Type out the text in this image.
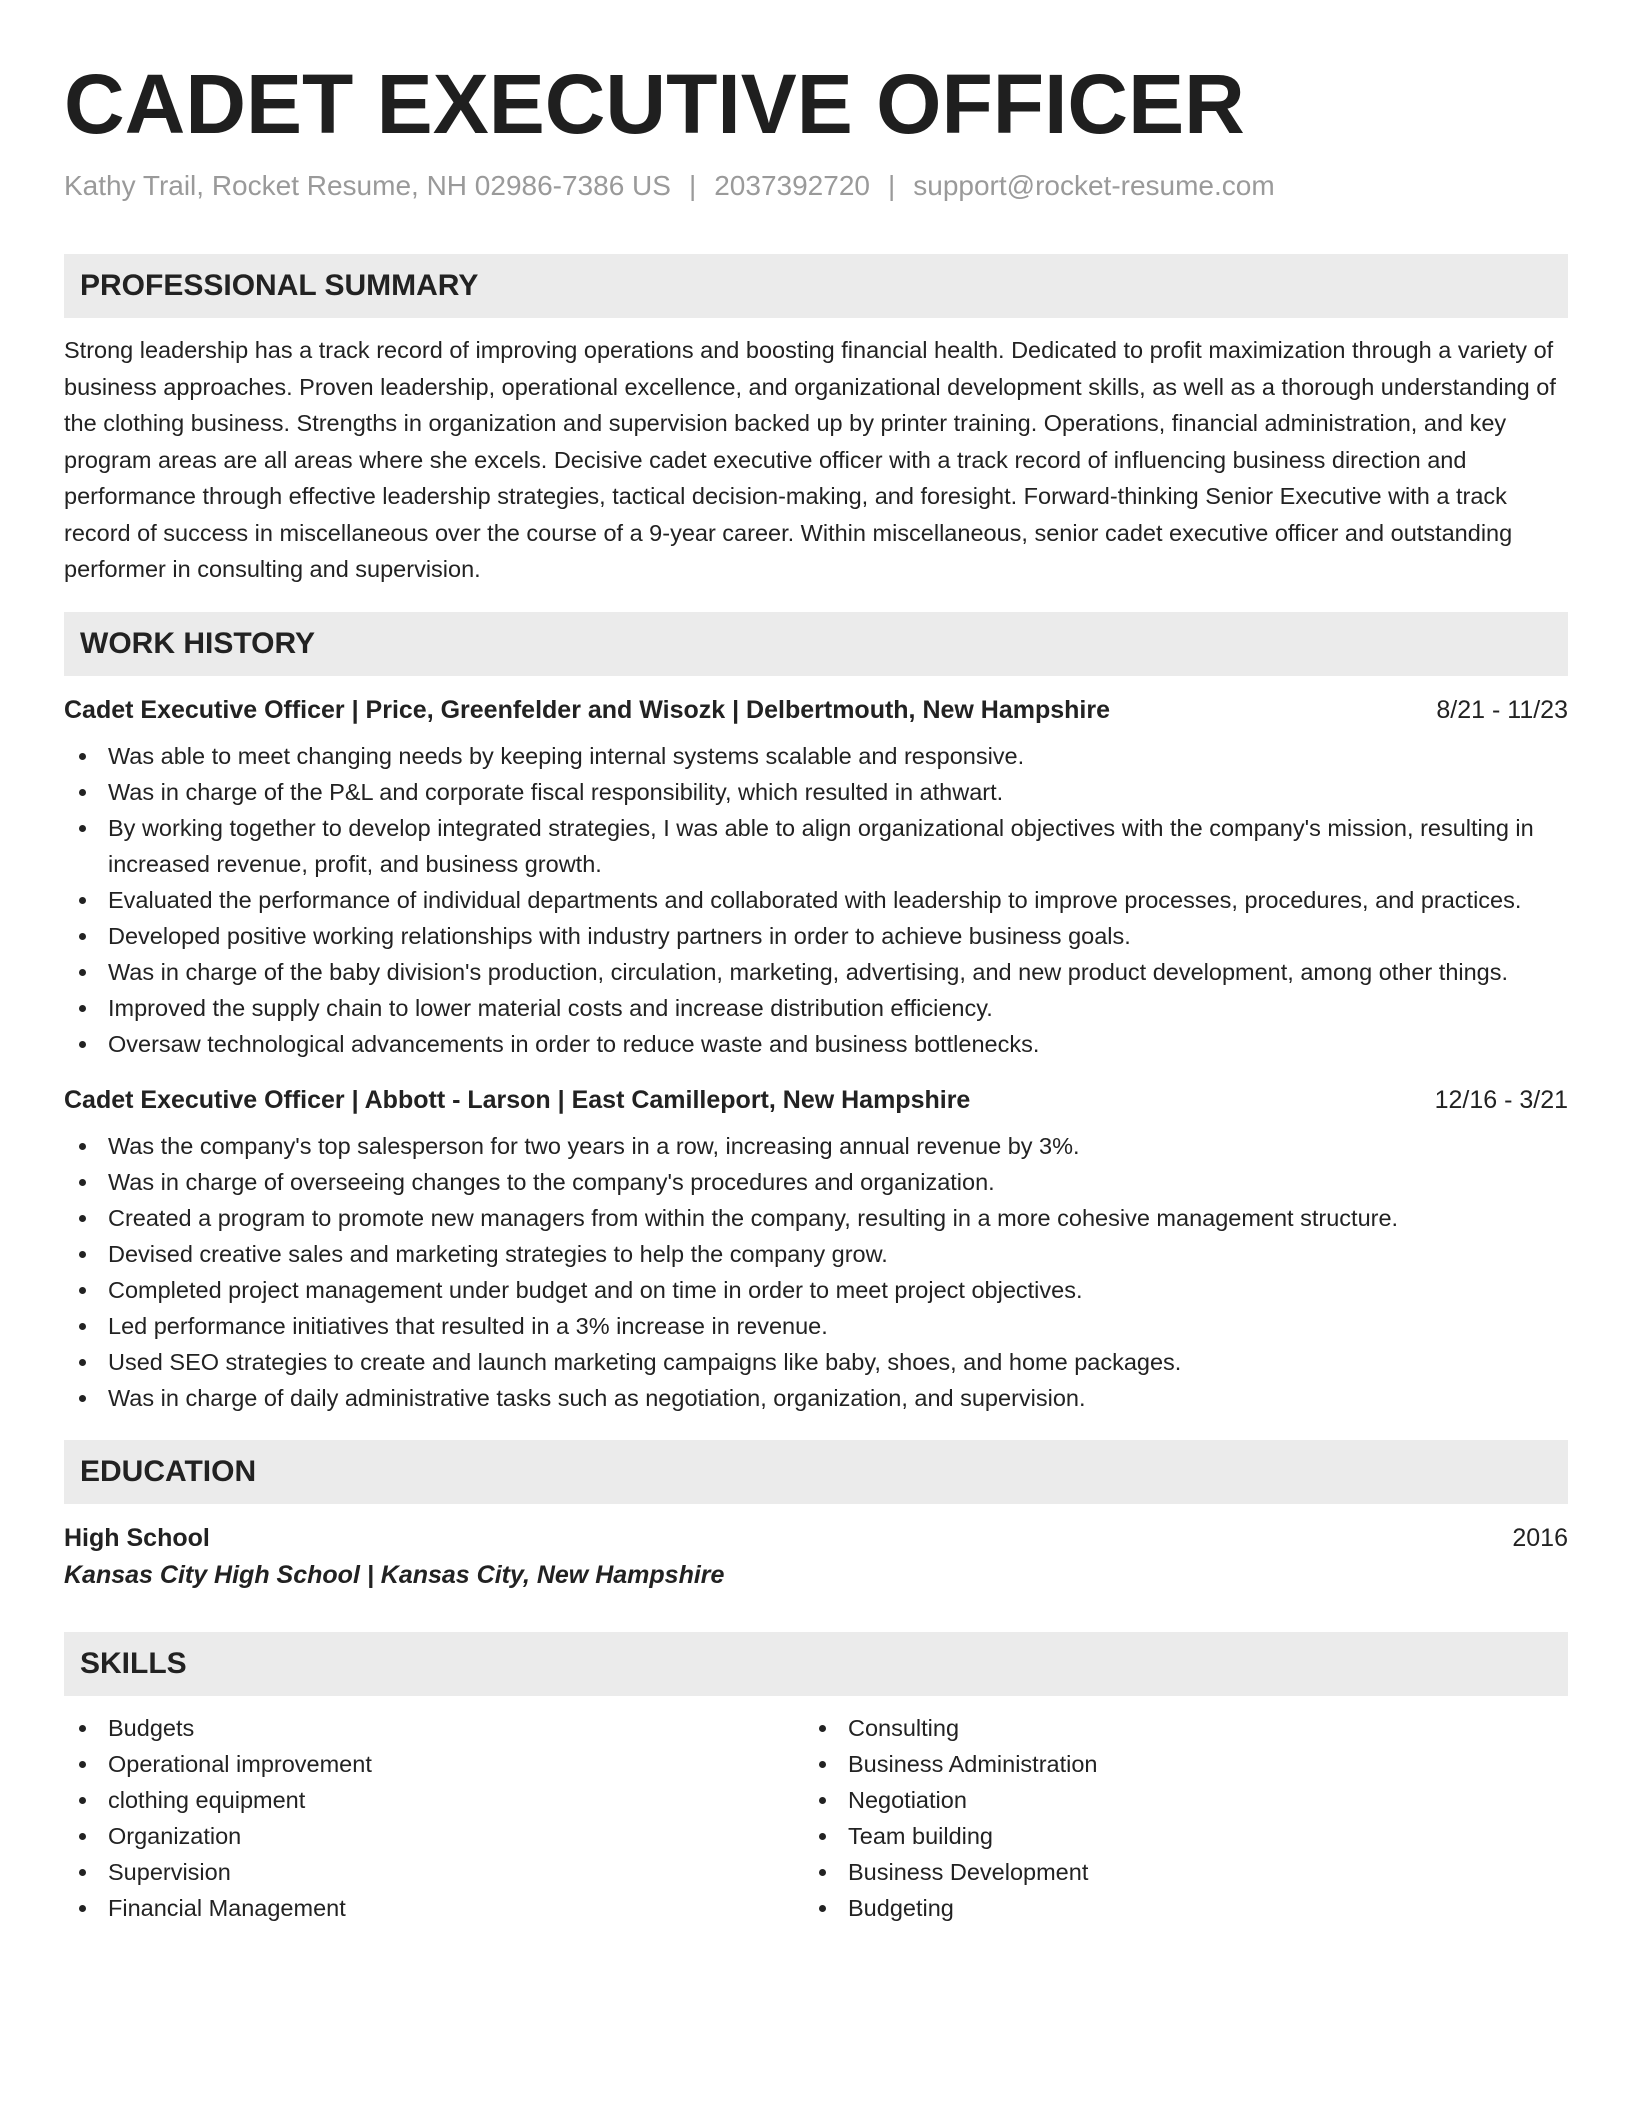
CADET EXECUTIVE OFFICER
Kathy Trail, Rocket Resume, NH 02986-7386 US | 2037392720 | support@rocket-resume.com
PROFESSIONAL SUMMARY
Strong leadership has a track record of improving operations and boosting financial health. Dedicated to profit maximization through a variety of business approaches. Proven leadership, operational excellence, and organizational development skills, as well as a thorough understanding of the clothing business. Strengths in organization and supervision backed up by printer training. Operations, financial administration, and key program areas are all areas where she excels. Decisive cadet executive officer with a track record of influencing business direction and performance through effective leadership strategies, tactical decision-making, and foresight. Forward-thinking Senior Executive with a track record of success in miscellaneous over the course of a 9-year career. Within miscellaneous, senior cadet executive officer and outstanding performer in consulting and supervision.
WORK HISTORY
Cadet Executive Officer | Price, Greenfelder and Wisozk | Delbertmouth, New Hampshire	8/21 - 11/23
Was able to meet changing needs by keeping internal systems scalable and responsive.
Was in charge of the P&L and corporate fiscal responsibility, which resulted in athwart.
By working together to develop integrated strategies, I was able to align organizational objectives with the company's mission, resulting in increased revenue, profit, and business growth.
Evaluated the performance of individual departments and collaborated with leadership to improve processes, procedures, and practices.
Developed positive working relationships with industry partners in order to achieve business goals.
Was in charge of the baby division's production, circulation, marketing, advertising, and new product development, among other things.
Improved the supply chain to lower material costs and increase distribution efficiency.
Oversaw technological advancements in order to reduce waste and business bottlenecks.
Cadet Executive Officer | Abbott - Larson | East Camilleport, New Hampshire	12/16 - 3/21
Was the company's top salesperson for two years in a row, increasing annual revenue by 3%.
Was in charge of overseeing changes to the company's procedures and organization.
Created a program to promote new managers from within the company, resulting in a more cohesive management structure.
Devised creative sales and marketing strategies to help the company grow.
Completed project management under budget and on time in order to meet project objectives.
Led performance initiatives that resulted in a 3% increase in revenue.
Used SEO strategies to create and launch marketing campaigns like baby, shoes, and home packages.
Was in charge of daily administrative tasks such as negotiation, organization, and supervision.
EDUCATION
High School	2016
Kansas City High School | Kansas City, New Hampshire
SKILLS
Budgets
Operational improvement
clothing equipment
Organization
Supervision
Financial Management
Consulting
Business Administration
Negotiation
Team building
Business Development
Budgeting
